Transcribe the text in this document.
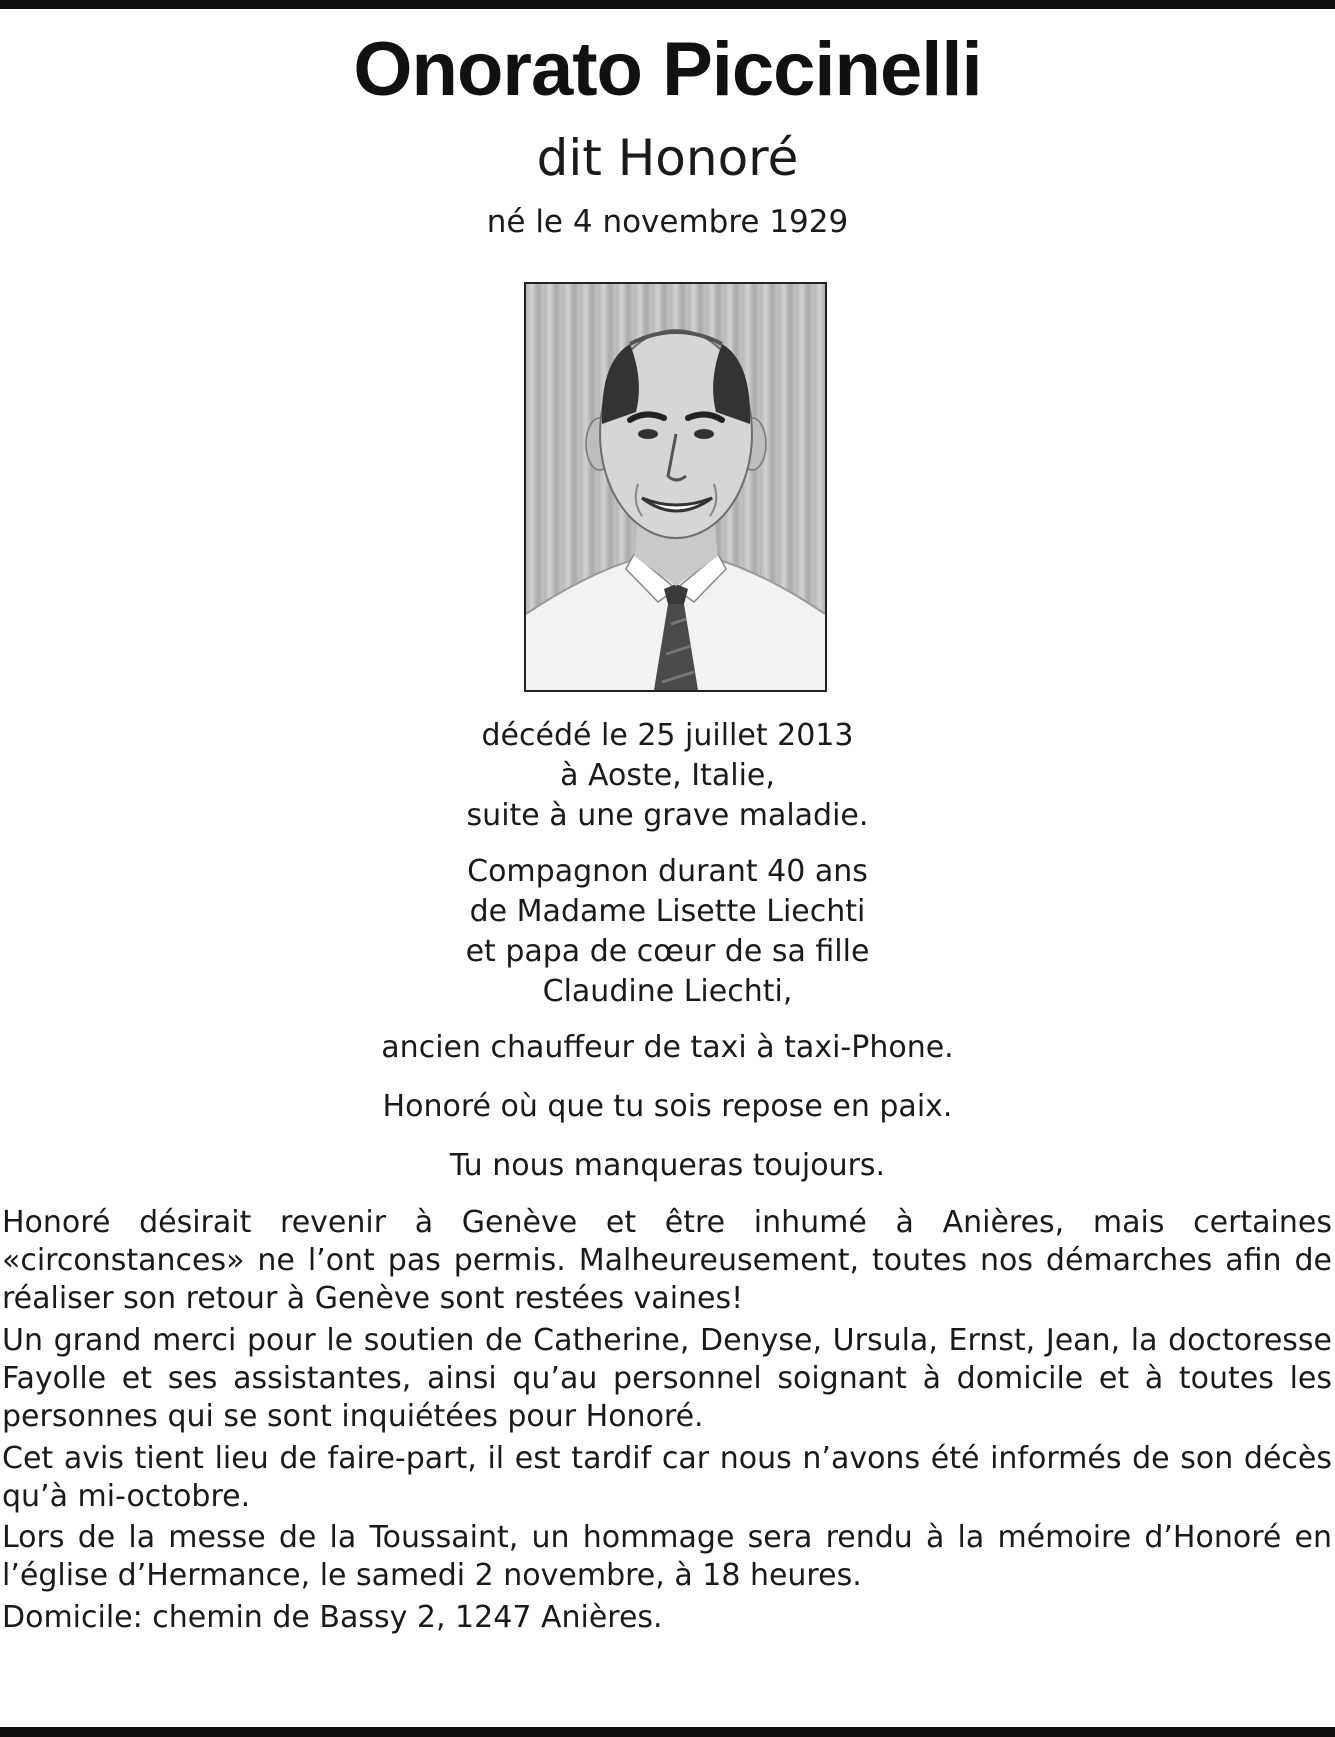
Onorato Piccinelli
dit Honoré
né le 4 novembre 1929
décédé le 25 juillet 2013
à Aoste, Italie,
suite à une grave maladie.
Compagnon durant 40 ans
de Madame Lisette Liechti
et papa de cœur de sa fille
Claudine Liechti,
ancien chauffeur de taxi à taxi-Phone.
Honoré où que tu sois repose en paix.
Tu nous manqueras toujours.

Honoré désirait revenir à Genève et être inhumé à Anières, mais certaines «circonstances» ne l’ont pas permis. Malheureusement, toutes nos démarches afin de réaliser son retour à Genève sont restées vaines!

Un grand merci pour le soutien de Catherine, Denyse, Ursula, Ernst, Jean, la doctoresse Fayolle et ses assistantes, ainsi qu’au personnel soignant à domicile et à toutes les personnes qui se sont inquiétées pour Honoré.

Cet avis tient lieu de faire-part, il est tardif car nous n’avons été informés de son décès qu’à mi-octobre.

Lors de la messe de la Toussaint, un hommage sera rendu à la mémoire d’Honoré en l’église d’Hermance, le samedi 2 novembre, à 18 heures.

Domicile: chemin de Bassy 2, 1247 Anières.
